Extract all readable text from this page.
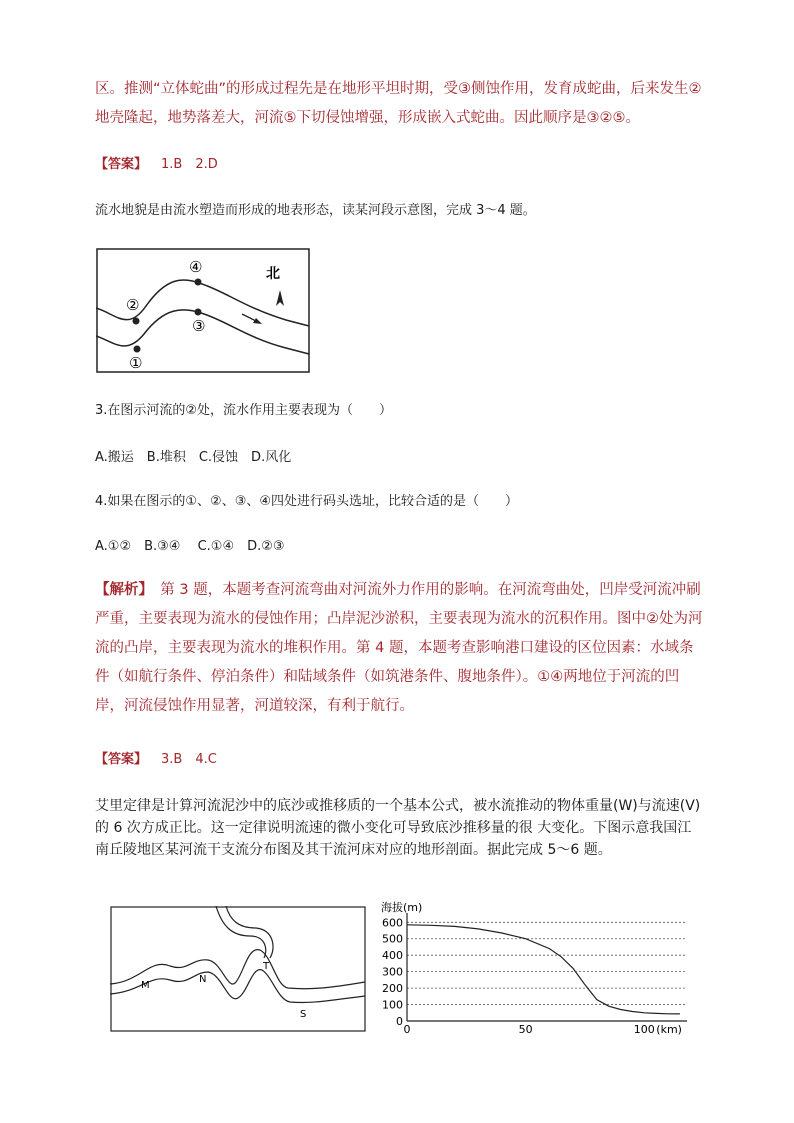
区。推测“立体蛇曲”的形成过程先是在地形平坦时期，受③侧蚀作用，发育成蛇曲，后来发生②地壳隆起，地势落差大，河流⑤下切侵蚀增强，形成嵌入式蛇曲。因此顺序是③②⑤。
【答案】 1.B　2.D
流水地貌是由流水塑造而形成的地表形态，读某河段示意图，完成 3～4 题。
②
①
④
③
北
3.在图示河流的②处，流水作用主要表现为（　　）
A.搬运　B.堆积　C.侵蚀　D.风化
4.如果在图示的①、②、③、④四处进行码头选址，比较合适的是（　　）
A.①②　B.③④　 C.①④　D.②③
【解析】　第 3 题，本题考查河流弯曲对河流外力作用的影响。在河流弯曲处，凹岸受河流冲刷严重，主要表现为流水的侵蚀作用；凸岸泥沙淤积，主要表现为流水的沉积作用。图中②处为河流的凸岸，主要表现为流水的堆积作用。第 4 题，本题考查影响港口建设的区位因素：水域条件（如航行条件、停泊条件）和陆域条件（如筑港条件、腹地条件）。①④两地位于河流的凹岸，河流侵蚀作用显著，河道较深，有利于航行。
【答案】 3.B　4.C
艾里定律是计算河流泥沙中的底沙或推移质的一个基本公式，被水流推动的物体重量(W)与流速(V)的 6 次方成正比。这一定律说明流速的微小变化可导致底沙推移量的很 大变化。下图示意我国江南丘陵地区某河流干支流分布图及其干流河床对应的地形剖面。据此完成 5～6 题。
M
N
T
S
海拔(m)
0
100
200
300
400
500
600
0	50	100 (km)
